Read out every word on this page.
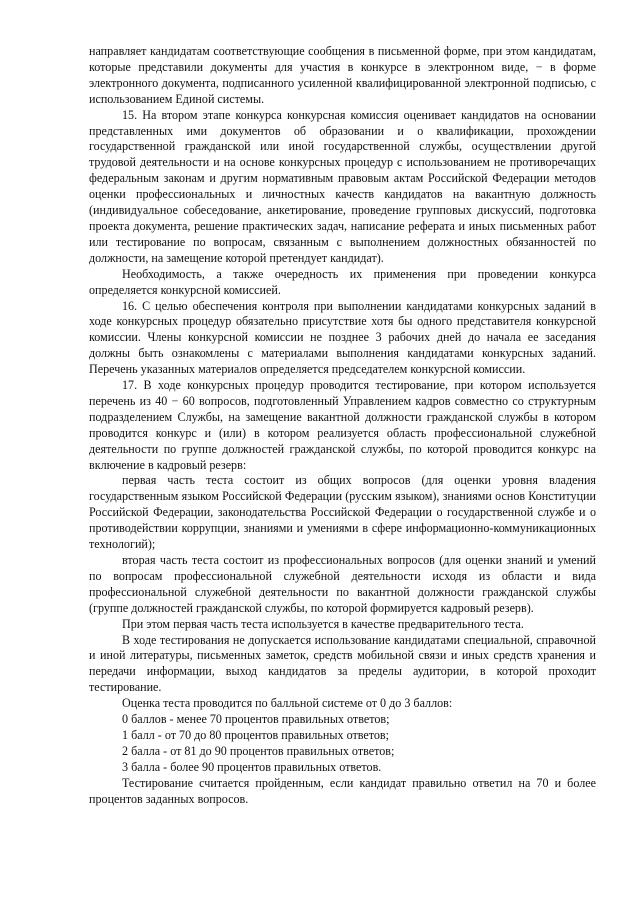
направляет кандидатам соответствующие сообщения в письменной форме, при этом кандидатам, которые представили документы для участия в конкурсе в электронном виде, − в форме электронного документа, подписанного усиленной квалифицированной электронной подписью, с использованием Единой системы.

15. На втором этапе конкурса конкурсная комиссия оценивает кандидатов на основании представленных ими документов об образовании и о квалификации, прохождении государственной гражданской или иной государственной службы, осуществлении другой трудовой деятельности и на основе конкурсных процедур с использованием не противоречащих федеральным законам и другим нормативным правовым актам Российской Федерации методов оценки профессиональных и личностных качеств кандидатов на вакантную должность (индивидуальное собеседование, анкетирование, проведение групповых дискуссий, подготовка проекта документа, решение практических задач, написание реферата и иных письменных работ или тестирование по вопросам, связанным с выполнением должностных обязанностей по должности, на замещение которой претендует кандидат).

Необходимость, а также очередность их применения при проведении конкурса определяется конкурсной комиссией.

16. С целью обеспечения контроля при выполнении кандидатами конкурсных заданий в ходе конкурсных процедур обязательно присутствие хотя бы одного представителя конкурсной комиссии. Члены конкурсной комиссии не позднее 3 рабочих дней до начала ее заседания должны быть ознакомлены с материалами выполнения кандидатами конкурсных заданий. Перечень указанных материалов определяется председателем конкурсной комиссии.

17. В ходе конкурсных процедур проводится тестирование, при котором используется перечень из 40 − 60 вопросов, подготовленный Управлением кадров совместно со структурным подразделением Службы, на замещение вакантной должности гражданской службы в котором проводится конкурс и (или) в котором реализуется область профессиональной служебной деятельности по группе должностей гражданской службы, по которой проводится конкурс на включение в кадровый резерв:

первая часть теста состоит из общих вопросов (для оценки уровня владения государственным языком Российской Федерации (русским языком), знаниями основ Конституции Российской Федерации, законодательства Российской Федерации о государственной службе и о противодействии коррупции, знаниями и умениями в сфере информационно-коммуникационных технологий);

вторая часть теста состоит из профессиональных вопросов (для оценки знаний и умений по вопросам профессиональной служебной деятельности исходя из области и вида профессиональной служебной деятельности по вакантной должности гражданской службы (группе должностей гражданской службы, по которой формируется кадровый резерв).

При этом первая часть теста используется в качестве предварительного теста.

В ходе тестирования не допускается использование кандидатами специальной, справочной и иной литературы, письменных заметок, средств мобильной связи и иных средств хранения и передачи информации, выход кандидатов за пределы аудитории, в которой проходит тестирование.

Оценка теста проводится по балльной системе от 0 до 3 баллов:

0 баллов - менее 70 процентов правильных ответов;

1 балл - от 70 до 80 процентов правильных ответов;

2 балла - от 81 до 90 процентов правильных ответов;

3 балла - более 90 процентов правильных ответов.

Тестирование считается пройденным, если кандидат правильно ответил на 70 и более процентов заданных вопросов.
